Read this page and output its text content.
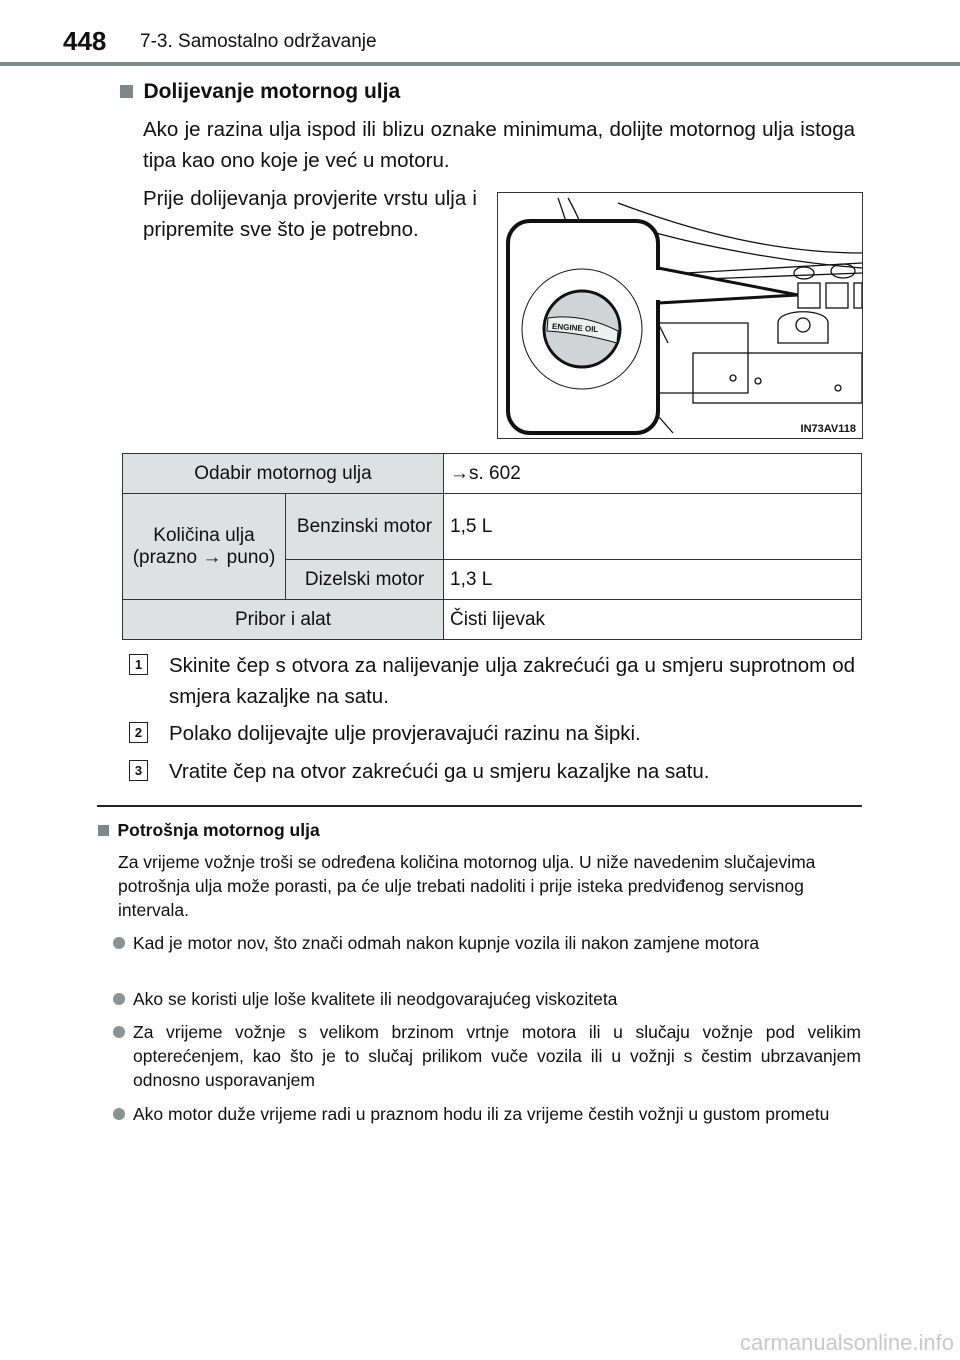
448 7-3. Samostalno održavanje
Dolijevanje motornog ulja
Ako je razina ulja ispod ili blizu oznake minimuma, dolijte motornog ulja istoga tipa kao ono koje je već u motoru.
Prije dolijevanja provjerite vrstu ulja i pripremite sve što je potrebno.
ENGINE OIL
IN73AV118
Odabir motornog ulja		→s. 602
Količina ulja (prazno → puno)	Benzinski motor	1,5 L
	Dizelski motor	1,3 L
Pribor i alat		Čisti lijevak
1 Skinite čep s otvora za nalijevanje ulja zakrećući ga u smjeru suprotnom od smjera kazaljke na satu.
2 Polako dolijevajte ulje provjeravajući razinu na šipki.
3 Vratite čep na otvor zakrećući ga u smjeru kazaljke na satu.
Potrošnja motornog ulja
Za vrijeme vožnje troši se određena količina motornog ulja. U niže navedenim slučajevima potrošnja ulja može porasti, pa će ulje trebati nadoliti i prije isteka predviđenog servisnog intervala.
Kad je motor nov, što znači odmah nakon kupnje vozila ili nakon zamjene motora
Ako se koristi ulje loše kvalitete ili neodgovarajućeg viskoziteta
Za vrijeme vožnje s velikom brzinom vrtnje motora ili u slučaju vožnje pod velikim opterećenjem, kao što je to slučaj prilikom vuče vozila ili u vožnji s čestim ubrzavanjem odnosno usporavanjem
Ako motor duže vrijeme radi u praznom hodu ili za vrijeme čestih vožnji u gustom prometu
carmanualsonline.info
